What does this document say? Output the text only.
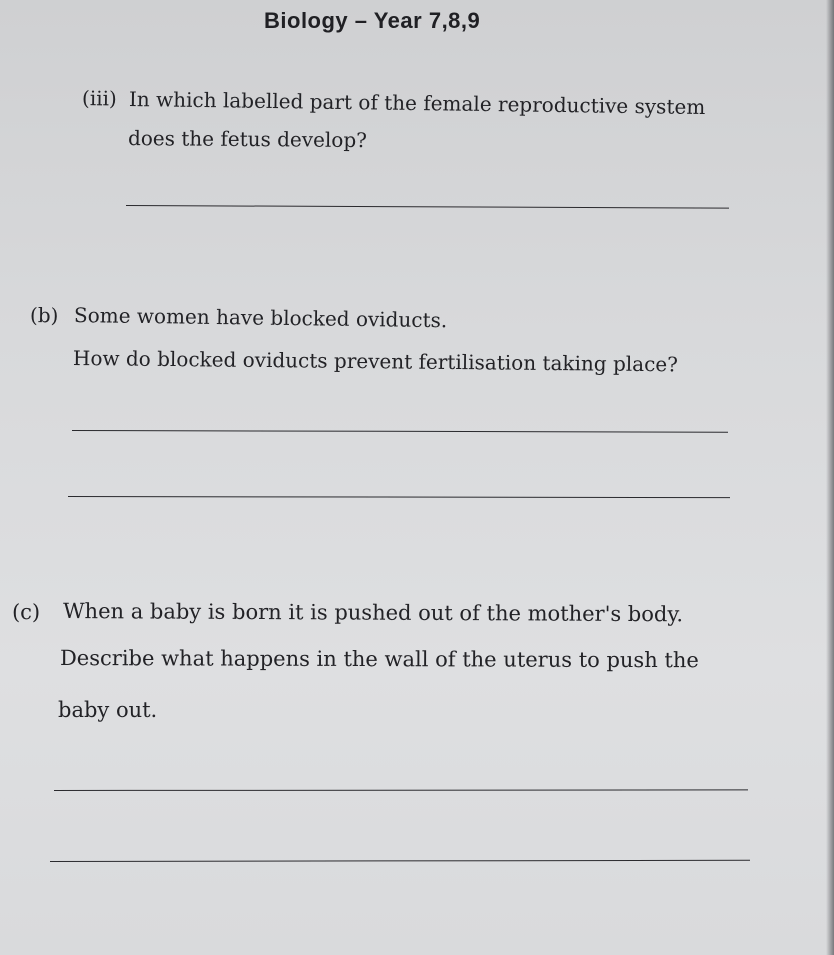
Biology – Year 7,8,9
(iii) In which labelled part of the female reproductive system
does the fetus develop?
(b) Some women have blocked oviducts.
How do blocked oviducts prevent fertilisation taking place?
(c) When a baby is born it is pushed out of the mother's body.
Describe what happens in the wall of the uterus to push the
baby out.
